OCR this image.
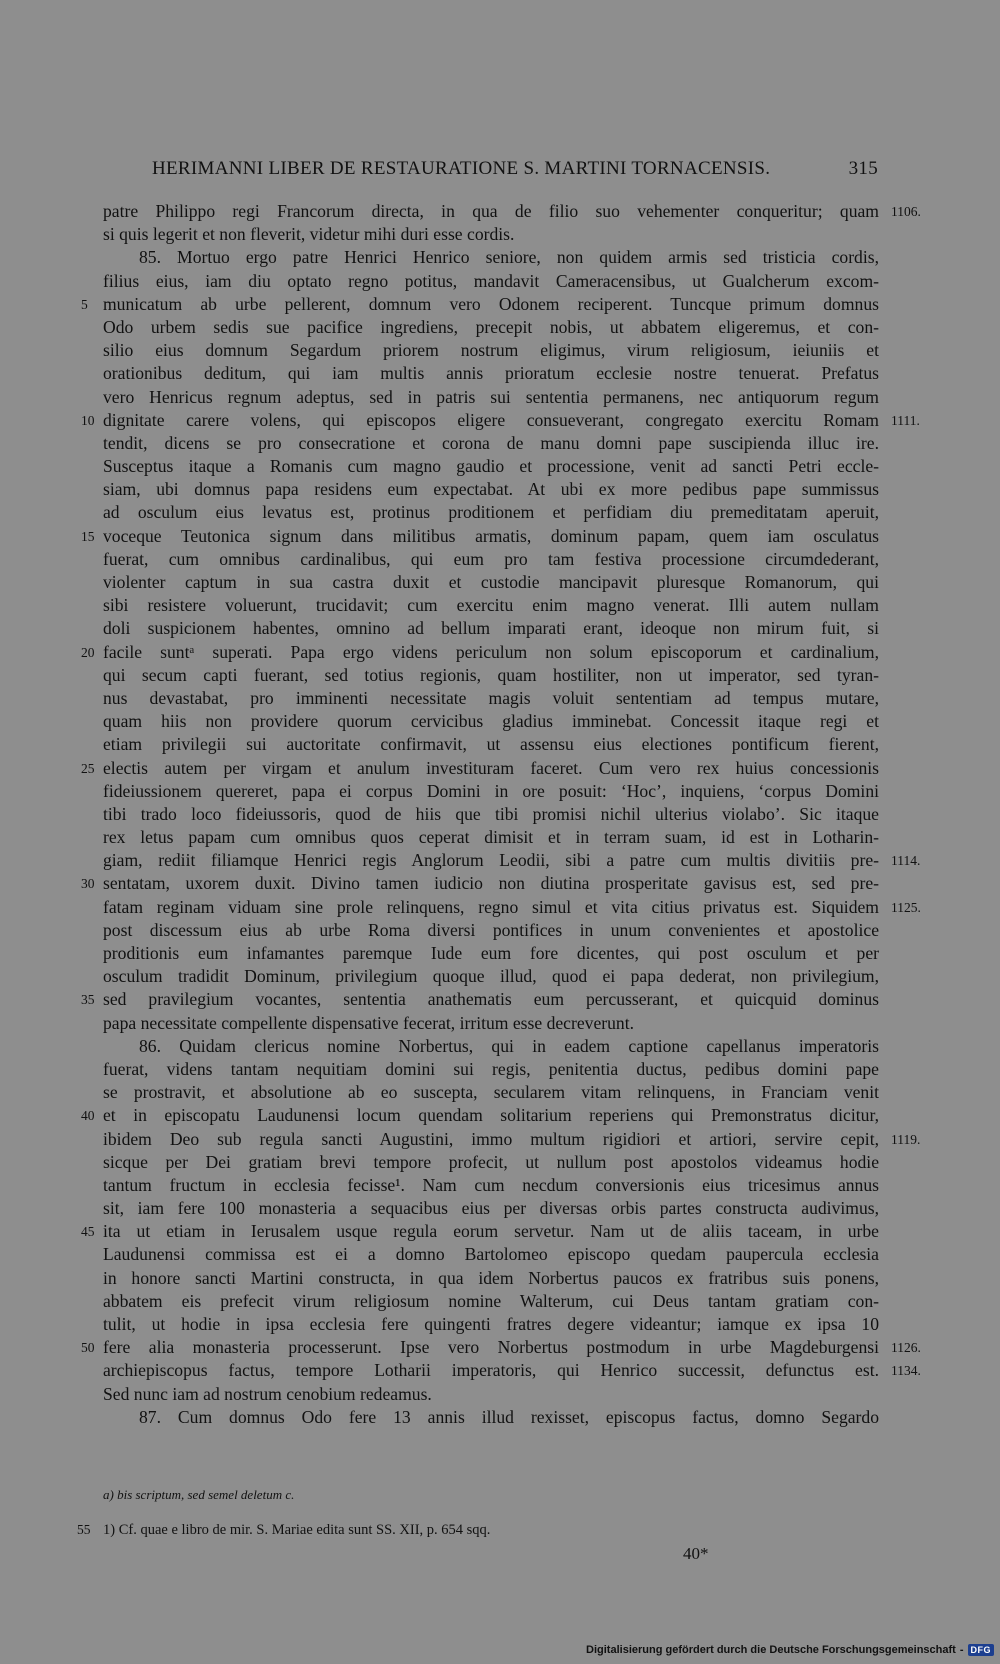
HERIMANNI LIBER DE RESTAURATIONE S. MARTINI TORNACENSIS.	315
patre Philippo regi Francorum directa, in qua de filio suo vehementer conqueritur; quam 1106.
si quis legerit et non fleverit, videtur mihi duri esse cordis.
85. Mortuo ergo patre Henrici Henrico seniore, non quidem armis sed tristicia cordis,
filius eius, iam diu optato regno potitus, mandavit Cameracensibus, ut Gualcherum excom-
5 municatum ab urbe pellerent, domnum vero Odonem reciperent. Tuncque primum domnus
Odo urbem sedis sue pacifice ingrediens, precepit nobis, ut abbatem eligeremus, et con-
silio eius domnum Segardum priorem nostrum eligimus, virum religiosum, ieiuniis et
orationibus deditum, qui iam multis annis prioratum ecclesie nostre tenuerat. Prefatus
vero Henricus regnum adeptus, sed in patris sui sententia permanens, nec antiquorum regum
10 dignitate carere volens, qui episcopos eligere consueverant, congregato exercitu Romam 1111.
tendit, dicens se pro consecratione et corona de manu domni pape suscipienda illuc ire.
Susceptus itaque a Romanis cum magno gaudio et processione, venit ad sancti Petri eccle-
siam, ubi domnus papa residens eum expectabat. At ubi ex more pedibus pape summissus
ad osculum eius levatus est, protinus proditionem et perfidiam diu premeditatam aperuit,
15 voceque Teutonica signum dans militibus armatis, dominum papam, quem iam osculatus
fuerat, cum omnibus cardinalibus, qui eum pro tam festiva processione circumdederant,
violenter captum in sua castra duxit et custodie mancipavit pluresque Romanorum, qui
sibi resistere voluerunt, trucidavit; cum exercitu enim magno venerat. Illi autem nullam
doli suspicionem habentes, omnino ad bellum imparati erant, ideoque non mirum fuit, si
20 facile suntᵃ superati. Papa ergo videns periculum non solum episcoporum et cardinalium,
qui secum capti fuerant, sed totius regionis, quam hostiliter, non ut imperator, sed tyran-
nus devastabat, pro imminenti necessitate magis voluit sententiam ad tempus mutare,
quam hiis non providere quorum cervicibus gladius imminebat. Concessit itaque regi et
etiam privilegii sui auctoritate confirmavit, ut assensu eius electiones pontificum fierent,
25 electis autem per virgam et anulum investituram faceret. Cum vero rex huius concessionis
fideiussionem quereret, papa ei corpus Domini in ore posuit: ‘Hoc’, inquiens, ‘corpus Domini
tibi trado loco fideiussoris, quod de hiis que tibi promisi nichil ulterius violabo’. Sic itaque
rex letus papam cum omnibus quos ceperat dimisit et in terram suam, id est in Lotharin-
giam, rediit filiamque Henrici regis Anglorum Leodii, sibi a patre cum multis divitiis pre- 1114.
30 sentatam, uxorem duxit. Divino tamen iudicio non diutina prosperitate gavisus est, sed pre-
fatam reginam viduam sine prole relinquens, regno simul et vita citius privatus est. Siquidem 1125.
post discessum eius ab urbe Roma diversi pontifices in unum convenientes et apostolice
proditionis eum infamantes paremque Iude eum fore dicentes, qui post osculum et per
osculum tradidit Dominum, privilegium quoque illud, quod ei papa dederat, non privilegium,
35 sed pravilegium vocantes, sententia anathematis eum percusserant, et quicquid dominus
papa necessitate compellente dispensative fecerat, irritum esse decreverunt.
86. Quidam clericus nomine Norbertus, qui in eadem captione capellanus imperatoris
fuerat, videns tantam nequitiam domini sui regis, penitentia ductus, pedibus domini pape
se prostravit, et absolutione ab eo suscepta, secularem vitam relinquens, in Franciam venit
40 et in episcopatu Laudunensi locum quendam solitarium reperiens qui Premonstratus dicitur,
ibidem Deo sub regula sancti Augustini, immo multum rigidiori et artiori, servire cepit, 1119.
sicque per Dei gratiam brevi tempore profecit, ut nullum post apostolos videamus hodie
tantum fructum in ecclesia fecisse¹. Nam cum necdum conversionis eius tricesimus annus
sit, iam fere 100 monasteria a sequacibus eius per diversas orbis partes constructa audivimus,
45 ita ut etiam in Ierusalem usque regula eorum servetur. Nam ut de aliis taceam, in urbe
Laudunensi commissa est ei a domno Bartolomeo episcopo quedam paupercula ecclesia
in honore sancti Martini constructa, in qua idem Norbertus paucos ex fratribus suis ponens,
abbatem eis prefecit virum religiosum nomine Walterum, cui Deus tantam gratiam con-
tulit, ut hodie in ipsa ecclesia fere quingenti fratres degere videantur; iamque ex ipsa 10
50 fere alia monasteria processerunt. Ipse vero Norbertus postmodum in urbe Magdeburgensi 1126.
archiepiscopus factus, tempore Lotharii imperatoris, qui Henrico successit, defunctus est. 1134.
Sed nunc iam ad nostrum cenobium redeamus.
87. Cum domnus Odo fere 13 annis illud rexisset, episcopus factus, domno Segardo
a) bis scriptum, sed semel deletum c.
55 1) Cf. quae e libro de mir. S. Mariae edita sunt SS. XII, p. 654 sqq.
40*
Digitalisierung gefördert durch die Deutsche Forschungsgemeinschaft - DFG
